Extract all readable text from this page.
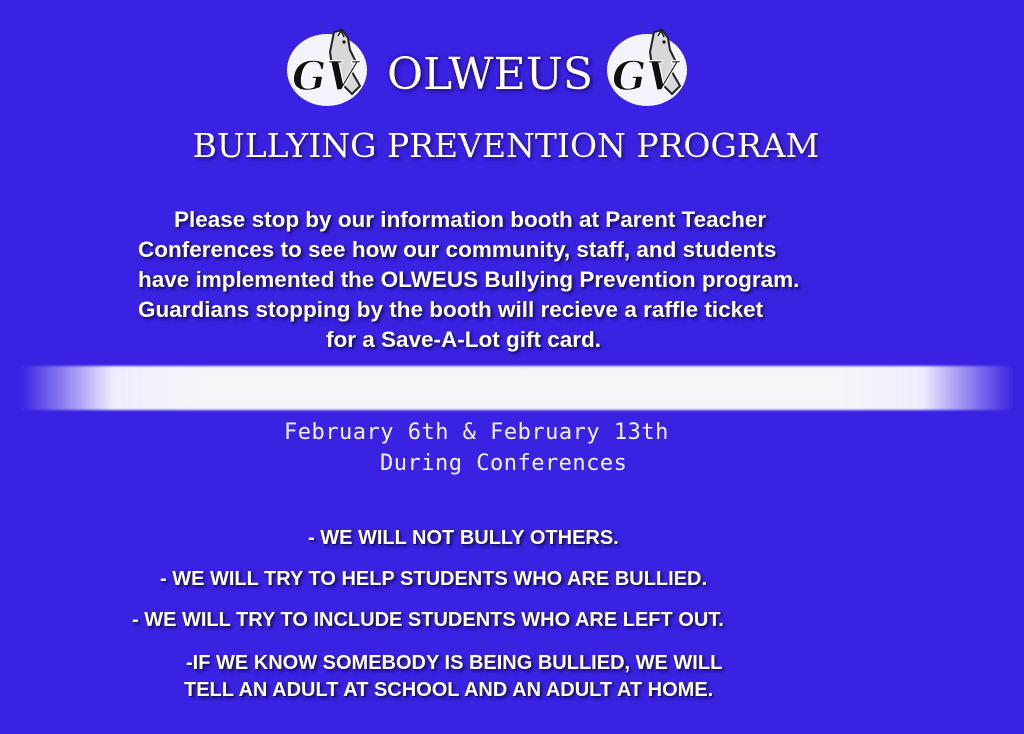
GV OLWEUS GV
BULLYING PREVENTION PROGRAM
Please stop by our information booth at Parent Teacher
Conferences to see how our community, staff, and students
have implemented the OLWEUS Bullying Prevention program.
Guardians stopping by the booth will recieve a raffle ticket
for a Save-A-Lot gift card.
February 6th & February 13th
During Conferences
- WE WILL NOT BULLY OTHERS.
- WE WILL TRY TO HELP STUDENTS WHO ARE BULLIED.
- WE WILL TRY TO INCLUDE STUDENTS WHO ARE LEFT OUT.
-IF WE KNOW SOMEBODY IS BEING BULLIED, WE WILL
TELL AN ADULT AT SCHOOL AND AN ADULT AT HOME.
